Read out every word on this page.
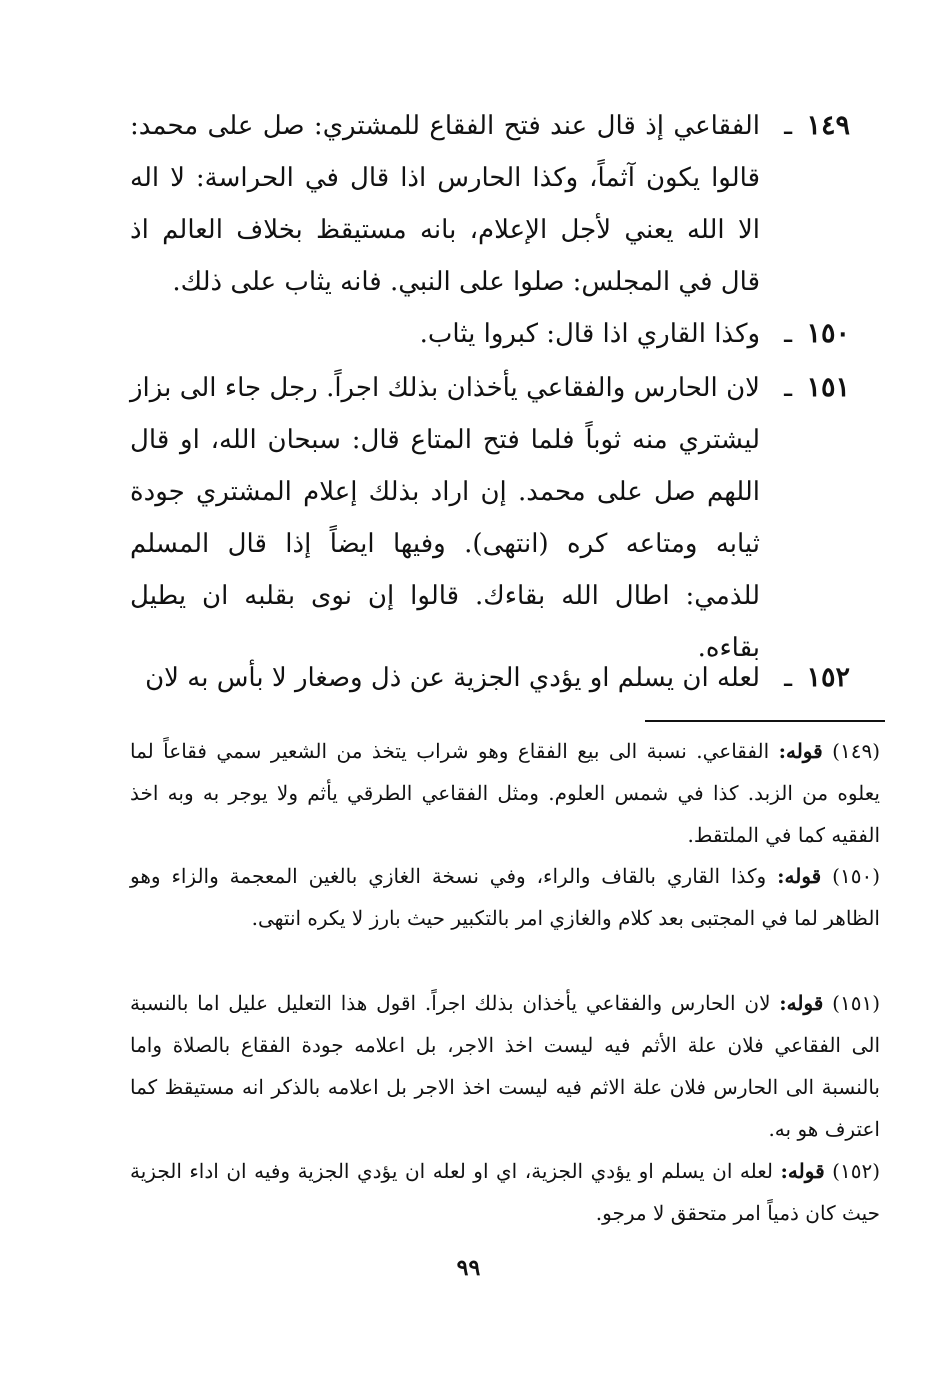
١٤٩
ـ
الفقاعي إذ قال عند فتح الفقاع للمشتري: صل على محمد: قالوا يكون آثماً، وكذا الحارس اذا قال في الحراسة: لا اله الا الله يعني لأجل الإعلام، بانه مستيقظ بخلاف العالم اذ قال في المجلس: صلوا على النبي. فانه يثاب على ذلك.
١٥٠
ـ
وكذا القاري اذا قال: كبروا يثاب.
١٥١
ـ
لان الحارس والفقاعي يأخذان بذلك اجراً. رجل جاء الى بزاز ليشتري منه ثوباً فلما فتح المتاع قال: سبحان الله، او قال اللهم صل على محمد. إن اراد بذلك إعلام المشتري جودة ثيابه ومتاعه كره (انتهى). وفيها ايضاً إذا قال المسلم للذمي: اطال الله بقاءك. قالوا إن نوى بقلبه ان يطيل بقاءه.
١٥٢
ـ
لعله ان يسلم او يؤدي الجزية عن ذل وصغار لا بأس به لان
(١٤٩) قوله: الفقاعي. نسبة الى بيع الفقاع وهو شراب يتخذ من الشعير سمي فقاعاً لما يعلوه من الزبد. كذا في شمس العلوم. ومثل الفقاعي الطرقي يأثم ولا يوجر به وبه اخذ الفقيه كما في الملتقط.
(١٥٠) قوله: وكذا القاري بالقاف والراء، وفي نسخة الغازي بالغين المعجمة والزاء وهو الظاهر لما في المجتبى بعد كلام والغازي امر بالتكبير حيث بارز لا يكره انتهى.
(١٥١) قوله: لان الحارس والفقاعي يأخذان بذلك اجراً. اقول هذا التعليل عليل اما بالنسبة الى الفقاعي فلان علة الأثم فيه ليست اخذ الاجر، بل اعلامه جودة الفقاع بالصلاة واما بالنسبة الى الحارس فلان علة الاثم فيه ليست اخذ الاجر بل اعلامه بالذكر انه مستيقظ كما اعترف هو به.
(١٥٢) قوله: لعله ان يسلم او يؤدي الجزية، اي او لعله ان يؤدي الجزية وفيه ان اداء الجزية حيث كان ذمياً امر متحقق لا مرجو.
٩٩
